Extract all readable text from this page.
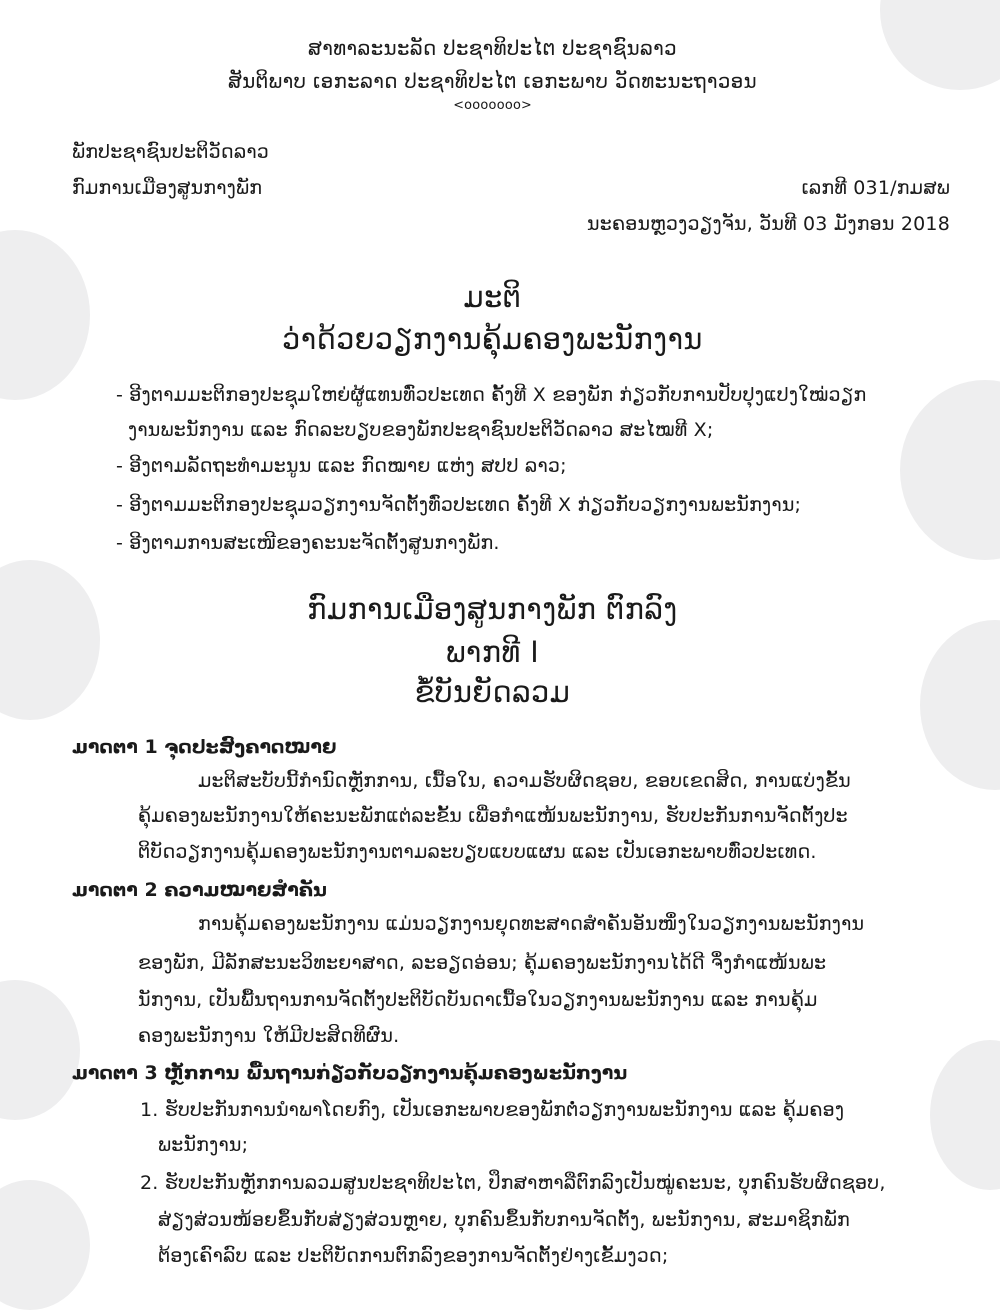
ສາທາລະນະລັດ ປະຊາທິປະໄຕ ປະຊາຊົນລາວ
ສັນຕິພາບ ເອກະລາດ ປະຊາທິປະໄຕ ເອກະພາບ ວັດທະນະຖາວອນ
<໐໐໐໐໐໐໐>
ພັກປະຊາຊົນປະຕິວັດລາວ
ກົມການເມືອງສູນກາງພັກ	ເລກທີ 031/ກມສພ
ນະຄອນຫຼວງວຽງຈັນ, ວັນທີ 03 ມັງກອນ 2018
ມະຕິ
ວ່າດ້ວຍວຽກງານຄຸ້ມຄອງພະນັກງານ
- ອີງຕາມມະຕິກອງປະຊຸມໃຫຍ່ຜູ້ແທນທົ່ວປະເທດ ຄັ້ງທີ X ຂອງພັກ ກ່ຽວກັບການປັບປຸງແປງໃໝ່ວຽກ
ງານພະນັກງານ ແລະ ກົດລະບຽບຂອງພັກປະຊາຊົນປະຕິວັດລາວ ສະໄໝທີ X;
- ອີງຕາມລັດຖະທຳມະນູນ ແລະ ກົດໝາຍ ແຫ່ງ ສປປ ລາວ;
- ອີງຕາມມະຕິກອງປະຊຸມວຽກງານຈັດຕັ້ງທົ່ວປະເທດ ຄັ້ງທີ X ກ່ຽວກັບວຽກງານພະນັກງານ;
- ອີງຕາມການສະເໜີຂອງຄະນະຈັດຕັ້ງສູນກາງພັກ.
ກົມການເມືອງສູນກາງພັກ ຕົກລົງ
ພາກທີ I
ຂໍ້ບັນຍັດລວມ
ມາດຕາ 1 ຈຸດປະສົງຄາດໝາຍ
ມະຕິສະບັບນີ້ກຳນົດຫຼັກການ, ເນື້ອໃນ, ຄວາມຮັບຜິດຊອບ, ຂອບເຂດສິດ, ການແບ່ງຂັ້ນ
ຄຸ້ມຄອງພະນັກງານໃຫ້ຄະນະພັກແຕ່ລະຂັ້ນ ເພື່ອກຳແໜ້ນພະນັກງານ, ຮັບປະກັນການຈັດຕັ້ງປະ
ຕິບັດວຽກງານຄຸ້ມຄອງພະນັກງານຕາມລະບຽບແບບແຜນ ແລະ ເປັນເອກະພາບທົ່ວປະເທດ.
ມາດຕາ 2 ຄວາມໝາຍສຳຄັນ
ການຄຸ້ມຄອງພະນັກງານ ແມ່ນວຽກງານຍຸດທະສາດສຳຄັນອັນໜຶ່ງໃນວຽກງານພະນັກງານ
ຂອງພັກ, ມີລັກສະນະວິທະຍາສາດ, ລະອຽດອ່ອນ; ຄຸ້ມຄອງພະນັກງານໄດ້ດີ ຈຶ່ງກຳແໜ້ນພະ
ນັກງານ, ເປັນພື້ນຖານການຈັດຕັ້ງປະຕິບັດບັນດາເນື້ອໃນວຽກງານພະນັກງານ ແລະ ການຄຸ້ມ
ຄອງພະນັກງານ ໃຫ້ມີປະສິດທິຜົນ.
ມາດຕາ 3 ຫຼັກການ ພື້ນຖານກ່ຽວກັບວຽກງານຄຸ້ມຄອງພະນັກງານ
1. ຮັບປະກັນການນຳພາໂດຍກົງ, ເປັນເອກະພາບຂອງພັກຕໍ່ວຽກງານພະນັກງານ ແລະ ຄຸ້ມຄອງ
ພະນັກງານ;
2. ຮັບປະກັນຫຼັກການລວມສູນປະຊາທິປະໄຕ, ປຶກສາຫາລືຕົກລົງເປັນໝູ່ຄະນະ, ບຸກຄົນຮັບຜິດຊອບ,
ສ່ຽງສ່ວນໜ້ອຍຂຶ້ນກັບສ່ຽງສ່ວນຫຼາຍ, ບຸກຄົນຂຶ້ນກັບການຈັດຕັ້ງ, ພະນັກງານ, ສະມາຊິກພັກ
ຕ້ອງເຄົາລົບ ແລະ ປະຕິບັດການຕົກລົງຂອງການຈັດຕັ້ງຢ່າງເຂັ້ມງວດ;
